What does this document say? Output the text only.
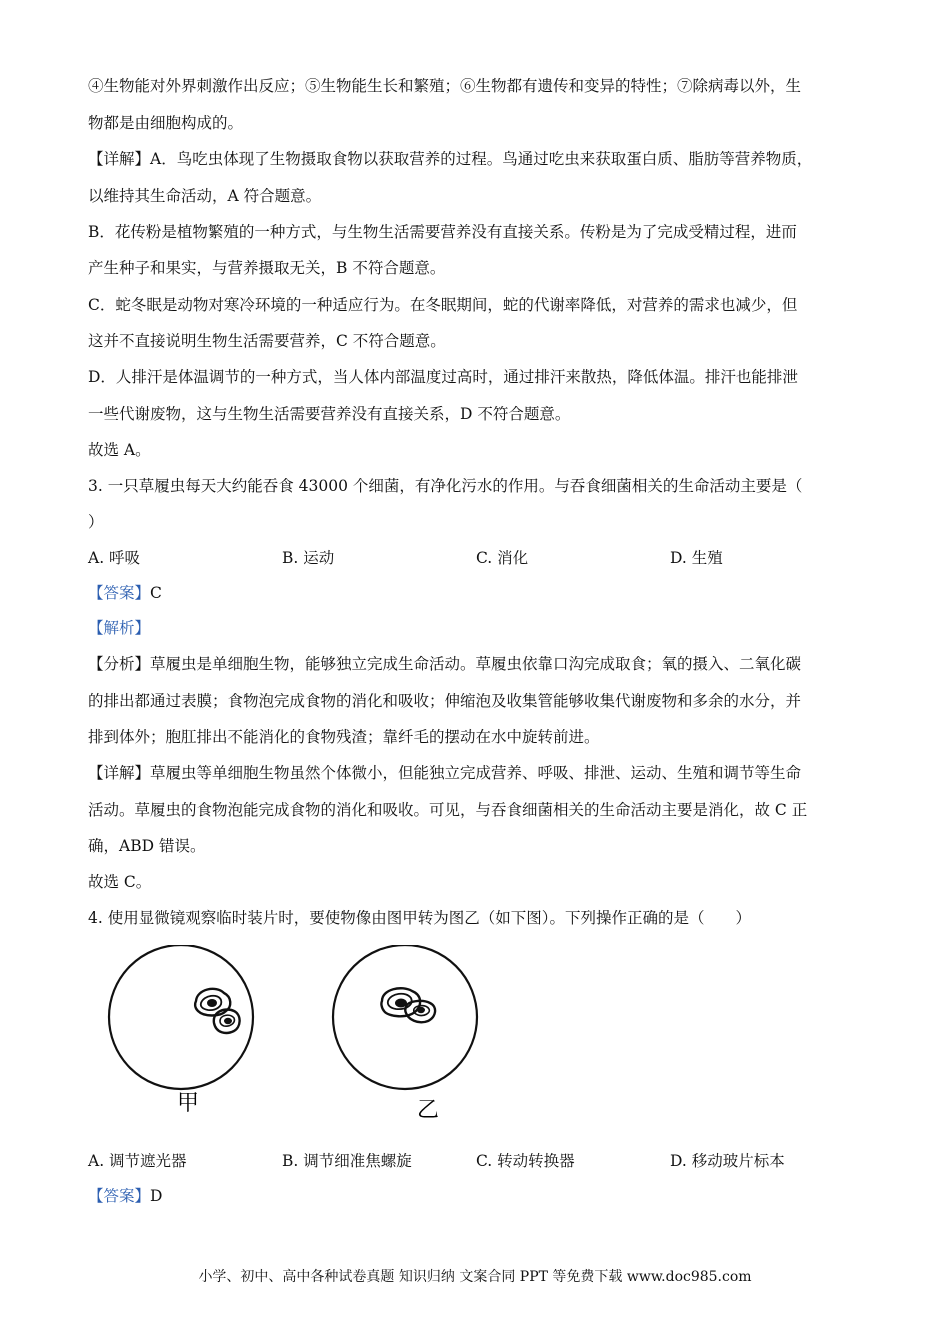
④生物能对外界刺激作出反应；⑤生物能生长和繁殖；⑥生物都有遗传和变异的特性；⑦除病毒以外，生
物都是由细胞构成的。
【详解】A．鸟吃虫体现了生物摄取食物以获取营养的过程。鸟通过吃虫来获取蛋白质、脂肪等营养物质，
以维持其生命活动，A 符合题意。
B．花传粉是植物繁殖的一种方式，与生物生活需要营养没有直接关系。传粉是为了完成受精过程，进而
产生种子和果实，与营养摄取无关，B 不符合题意。
C．蛇冬眠是动物对寒冷环境的一种适应行为。在冬眠期间，蛇的代谢率降低，对营养的需求也减少，但
这并不直接说明生物生活需要营养，C 不符合题意。
D．人排汗是体温调节的一种方式，当人体内部温度过高时，通过排汗来散热，降低体温。排汗也能排泄
一些代谢废物，这与生物生活需要营养没有直接关系，D 不符合题意。
故选 A。
3. 一只草履虫每天大约能吞食 43000 个细菌，有净化污水的作用。与吞食细菌相关的生命活动主要是（
）
A. 呼吸	B. 运动	C. 消化	D. 生殖
【答案】C
【解析】
【分析】草履虫是单细胞生物，能够独立完成生命活动。草履虫依靠口沟完成取食；氧的摄入、二氧化碳
的排出都通过表膜；食物泡完成食物的消化和吸收；伸缩泡及收集管能够收集代谢废物和多余的水分，并
排到体外；胞肛排出不能消化的食物残渣；靠纤毛的摆动在水中旋转前进。
【详解】草履虫等单细胞生物虽然个体微小，但能独立完成营养、呼吸、排泄、运动、生殖和调节等生命
活动。草履虫的食物泡能完成食物的消化和吸收。可见，与吞食细菌相关的生命活动主要是消化，故 C 正
确，ABD 错误。
故选 C。
4. 使用显微镜观察临时装片时，要使物像由图甲转为图乙（如下图）。下列操作正确的是（　　）
甲	乙
A. 调节遮光器	B. 调节细准焦螺旋	C. 转动转换器	D. 移动玻片标本
【答案】D
小学、初中、高中各种试卷真题 知识归纳 文案合同 PPT 等免费下载 www.doc985.com
